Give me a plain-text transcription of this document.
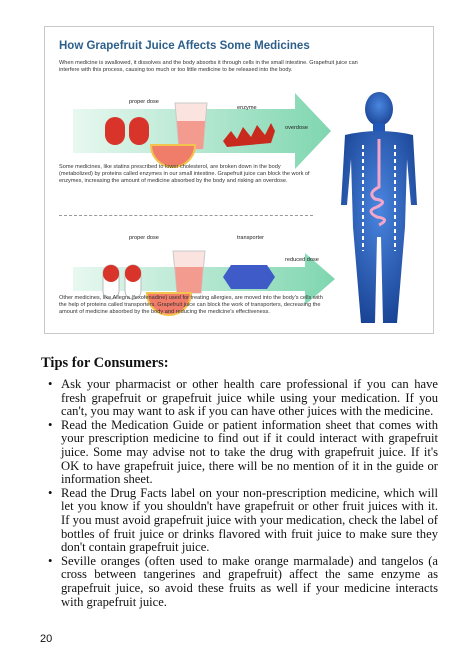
How Grapefruit Juice Affects Some Medicines
When medicine is swallowed, it dissolves and the body absorbs it through cells in the small intestine. Grapefruit juice can interfere with this process, causing too much or too little medicine to be released into the body.
proper dose
enzyme
overdose
Some medicines, like statins prescribed to lower cholesterol, are broken down in the body (metabolized) by proteins called enzymes in our small intestine. Grapefruit juice can block the work of enzymes, increasing the amount of medicine absorbed by the body and risking an overdose.
proper dose	transporter
reduced dose
Other medicines, like Allegra (fexofenadine) used for treating allergies, are moved into the body's cells with the help of proteins called transporters. Grapefruit juice can block the work of transporters, decreasing the amount of medicine absorbed by the body and reducing the medicine's effectiveness.
Tips for Consumers:
• Ask your pharmacist or other health care professional if you can have fresh grapefruit or grapefruit juice while using your medication. If you can't, you may want to ask if you can have other juices with the medicine.
• Read the Medication Guide or patient information sheet that comes with your prescription medicine to find out if it could interact with grapefruit juice. Some may advise not to take the drug with grapefruit juice. If it's OK to have grapefruit juice, there will be no mention of it in the guide or information sheet.
• Read the Drug Facts label on your non-prescription medicine, which will let you know if you shouldn't have grapefruit or other fruit juices with it. If you must avoid grapefruit juice with your medication, check the label of bottles of fruit juice or drinks flavored with fruit juice to make sure they don't contain grapefruit juice.
• Seville oranges (often used to make orange marmalade) and tangelos (a cross between tangerines and grapefruit) affect the same enzyme as grapefruit juice, so avoid these fruits as well if your medicine interacts with grapefruit juice.
20
